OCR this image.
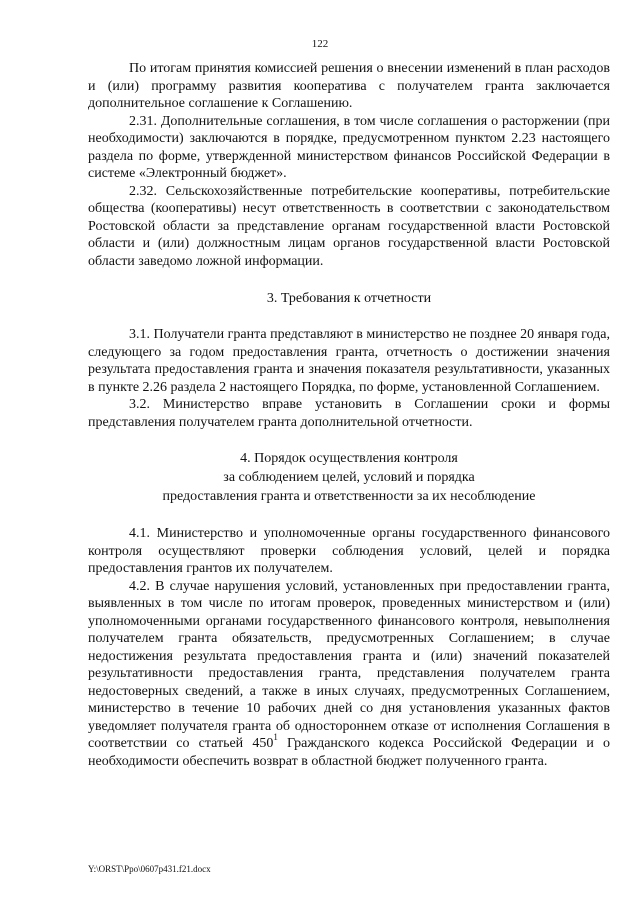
122

По итогам принятия комиссией решения о внесении изменений в план расходов и (или) программу развития кооператива с получателем гранта заключается дополнительное соглашение к Соглашению.

2.31. Дополнительные соглашения, в том числе соглашения о расторжении (при необходимости) заключаются в порядке, предусмотренном пунктом 2.23 настоящего раздела по форме, утвержденной министерством финансов Российской Федерации в системе «Электронный бюджет».

2.32. Сельскохозяйственные потребительские кооперативы, потребительские общества (кооперативы) несут ответственность в соответствии с законодательством Ростовской области за представление органам государственной власти Ростовской области и (или) должностным лицам органов государственной власти Ростовской области заведомо ложной информации.

3. Требования к отчетности

3.1. Получатели гранта представляют в министерство не позднее 20 января года, следующего за годом предоставления гранта, отчетность о достижении значения результата предоставления гранта и значения показателя результативности, указанных в пункте 2.26 раздела 2 настоящего Порядка, по форме, установленной Соглашением.

3.2. Министерство вправе установить в Соглашении сроки и формы представления получателем гранта дополнительной отчетности.

4. Порядок осуществления контроля
за соблюдением целей, условий и порядка
предоставления гранта и ответственности за их несоблюдение

4.1. Министерство и уполномоченные органы государственного финансового контроля осуществляют проверки соблюдения условий, целей и порядка предоставления грантов их получателем.

4.2. В случае нарушения условий, установленных при предоставлении гранта, выявленных в том числе по итогам проверок, проведенных министерством и (или) уполномоченными органами государственного финансового контроля, невыполнения получателем гранта обязательств, предусмотренных Соглашением; в случае недостижения результата предоставления гранта и (или) значений показателей результативности предоставления гранта, представления получателем гранта недостоверных сведений, а также в иных случаях, предусмотренных Соглашением, министерство в течение 10 рабочих дней со дня установления указанных фактов уведомляет получателя гранта об одностороннем отказе от исполнения Соглашения в соответствии со статьей $450^1$ Гражданского кодекса Российской Федерации и о необходимости обеспечить возврат в областной бюджет полученного гранта.

Y:\ORST\Ppo\0607p431.f21.docx
